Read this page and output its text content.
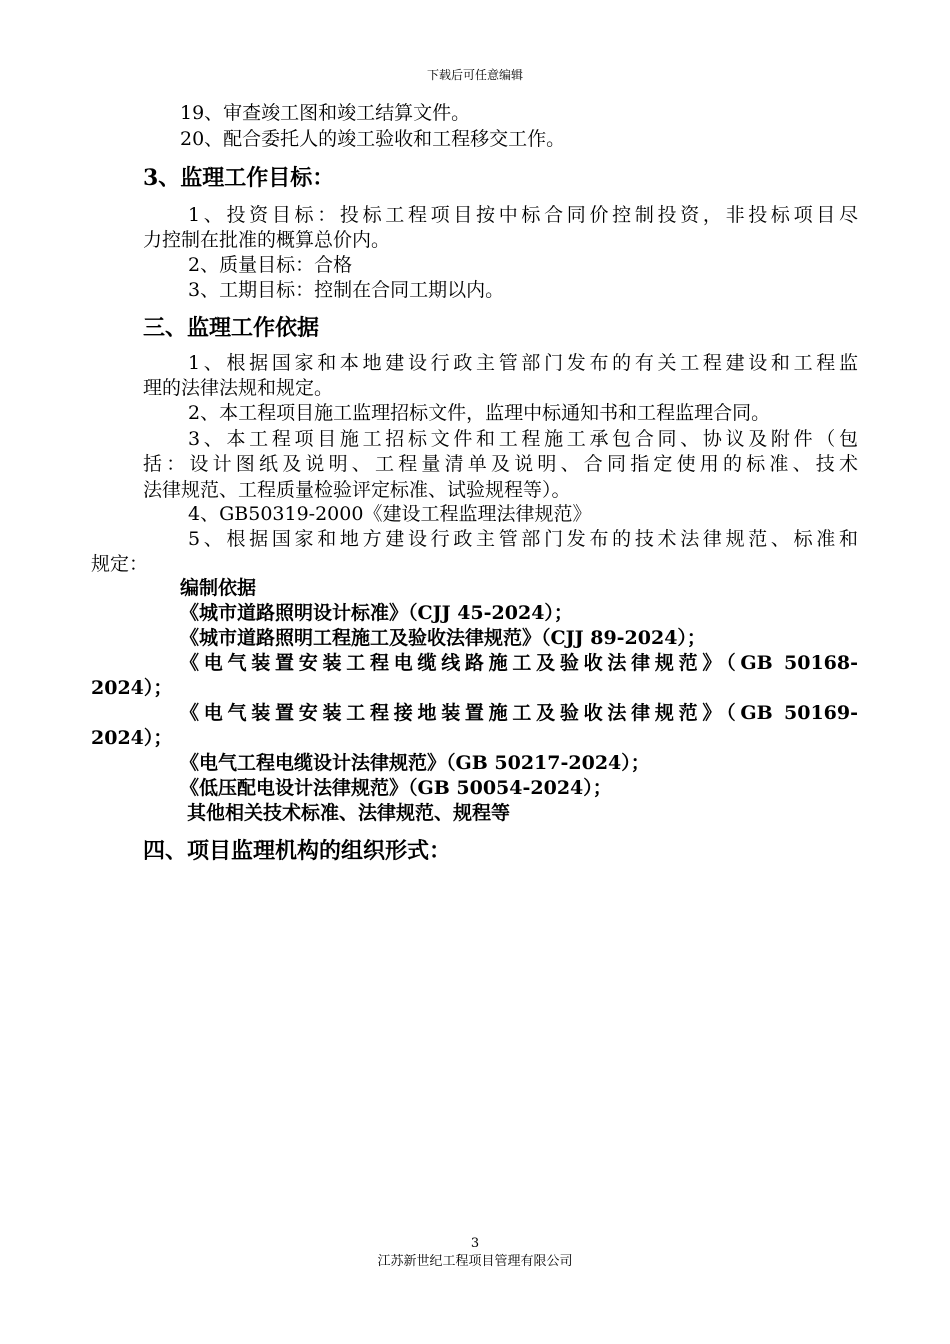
下载后可任意编辑
19、审查竣工图和竣工结算文件。
20、配合委托人的竣工验收和工程移交工作。
3、监理工作目标：
1、投资目标：投标工程项目按中标合同价控制投资，非投标项目尽
力控制在批准的概算总价内。
2、质量目标：合格
3、工期目标：控制在合同工期以内。
三、监理工作依据
1、根据国家和本地建设行政主管部门发布的有关工程建设和工程监
理的法律法规和规定。
2、本工程项目施工监理招标文件，监理中标通知书和工程监理合同。
3、本工程项目施工招标文件和工程施工承包合同、协议及附件（包
括：设计图纸及说明、工程量清单及说明、合同指定使用的标准、技术
法律规范、工程质量检验评定标准、试验规程等）。
4、GB50319-2000《建设工程监理法律规范》
5、根据国家和地方建设行政主管部门发布的技术法律规范、标准和
规定：
编制依据
《城市道路照明设计标准》（CJJ 45-2024）；
《城市道路照明工程施工及验收法律规范》（CJJ 89-2024）；
《电气装置安装工程电缆线路施工及验收法律规范》（GB 50168-
2024）；
《电气装置安装工程接地装置施工及验收法律规范》（GB 50169-
2024）；
《电气工程电缆设计法律规范》（GB 50217-2024）；
《低压配电设计法律规范》（GB 50054-2024）；
其他相关技术标准、法律规范、规程等
四、项目监理机构的组织形式：
3
江苏新世纪工程项目管理有限公司
